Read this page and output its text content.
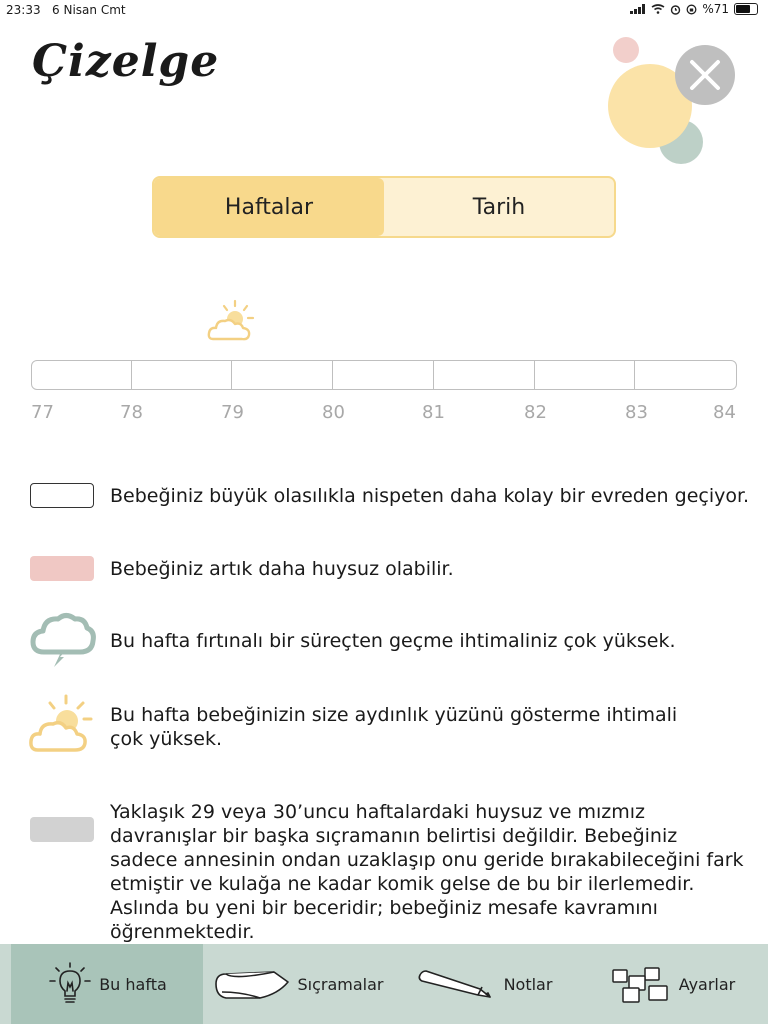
23:33 6 Nisan Cmt	%71
Çizelge
Haftalar	Tarih
77	78	79	80	81	82	83	84
Bebeğiniz büyük olasılıkla nispeten daha kolay bir evreden geçiyor.
Bebeğiniz artık daha huysuz olabilir.
Bu hafta fırtınalı bir süreçten geçme ihtimaliniz çok yüksek.
Bu hafta bebeğinizin size aydınlık yüzünü gösterme ihtimali çok yüksek.
Yaklaşık 29 veya 30’uncu haftalardaki huysuz ve mızmız davranışlar bir başka sıçramanın belirtisi değildir. Bebeğiniz sadece annesinin ondan uzaklaşıp onu geride bırakabileceğini fark etmiştir ve kulağa ne kadar komik gelse de bu bir ilerlemedir. Aslında bu yeni bir beceridir; bebeğiniz mesafe kavramını öğrenmektedir.
Bu hafta	Sıçramalar	Notlar	Ayarlar
